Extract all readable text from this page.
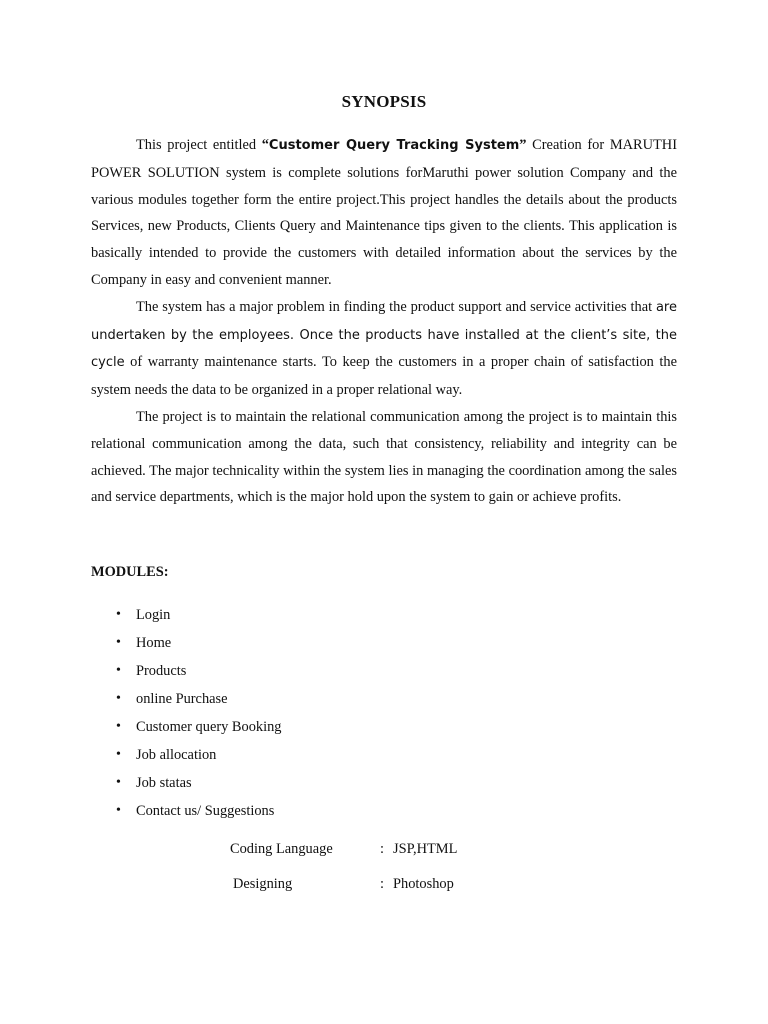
SYNOPSIS

This project entitled “Customer Query Tracking System” Creation for MARUTHI POWER SOLUTION system is complete solutions forMaruthi power solution Company and the various modules together form the entire project.This project handles the details about the products Services, new Products, Clients Query and Maintenance tips given to the clients. This application is basically intended to provide the customers with detailed information about the services by the Company in easy and convenient manner.

The system has a major problem in finding the product support and service activities that are undertaken by the employees. Once the products have installed at the client’s site, the cycle of warranty maintenance starts. To keep the customers in a proper chain of satisfaction the system needs the data to be organized in a proper relational way.

The project is to maintain the relational communication among the project is to maintain this relational communication among the data, such that consistency, reliability and integrity can be achieved. The major technicality within the system lies in managing the coordination among the sales and service departments, which is the major hold upon the system to gain or achieve profits.

MODULES:
• Login
• Home
• Products
• online Purchase
• Customer query Booking
• Job allocation
• Job statas
• Contact us/ Suggestions
Coding Language	: JSP,HTML
Designing	: Photoshop
